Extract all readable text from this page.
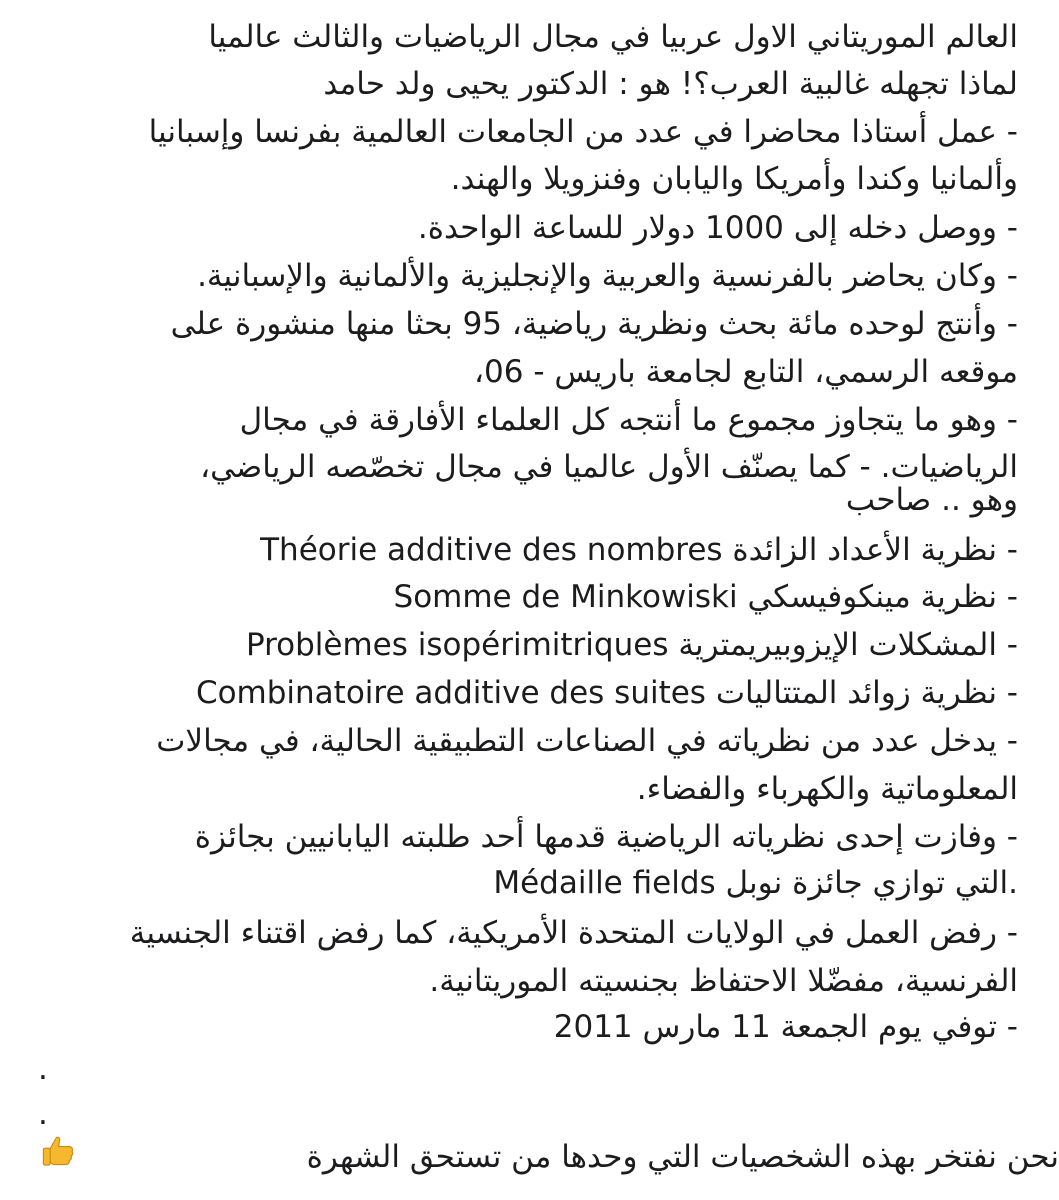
العالم الموريتاني الاول عربيا في مجال الرياضيات والثالث عالميا
لماذا تجهله غالبية العرب؟! هو : الدكتور يحيى ولد حامد
- عمل أستاذا محاضرا في عدد من الجامعات العالمية بفرنسا وإسبانيا
وألمانيا وكندا وأمريكا واليابان وفنزويلا والهند.
- ووصل دخله إلى 1000 دولار للساعة الواحدة.
- وكان يحاضر بالفرنسية والعربية والإنجليزية والألمانية والإسبانية.
- وأنتج لوحده مائة بحث ونظرية رياضية، 95 بحثا منها منشورة على
موقعه الرسمي، التابع لجامعة باريس - 06،
- وهو ما يتجاوز مجموع ما أنتجه كل العلماء الأفارقة في مجال
الرياضيات. - كما يصنّف الأول عالميا في مجال تخصّصه الرياضي،
وهو .. صاحب
- نظرية الأعداد الزائدة Théorie additive des nombres
- نظرية مينكوفيسكي Somme de Minkowiski
- المشكلات الإيزوبيريمترية Problèmes isopérimitriques
- نظرية زوائد المتتاليات Combinatoire additive des suites
- يدخل عدد من نظرياته في الصناعات التطبيقية الحالية، في مجالات
المعلوماتية والكهرباء والفضاء.
- وفازت إحدى نظرياته الرياضية قدمها أحد طلبته اليابانيين بجائزة
Médaille fields التي توازي جائزة نوبل.
- رفض العمل في الولايات المتحدة الأمريكية، كما رفض اقتناء الجنسية
الفرنسية، مفضّلا الاحتفاظ بجنسيته الموريتانية.
- توفي يوم الجمعة 11 مارس 2011
.
.
نحن نفتخر بهذه الشخصيات التي وحدها من تستحق الشهرة
